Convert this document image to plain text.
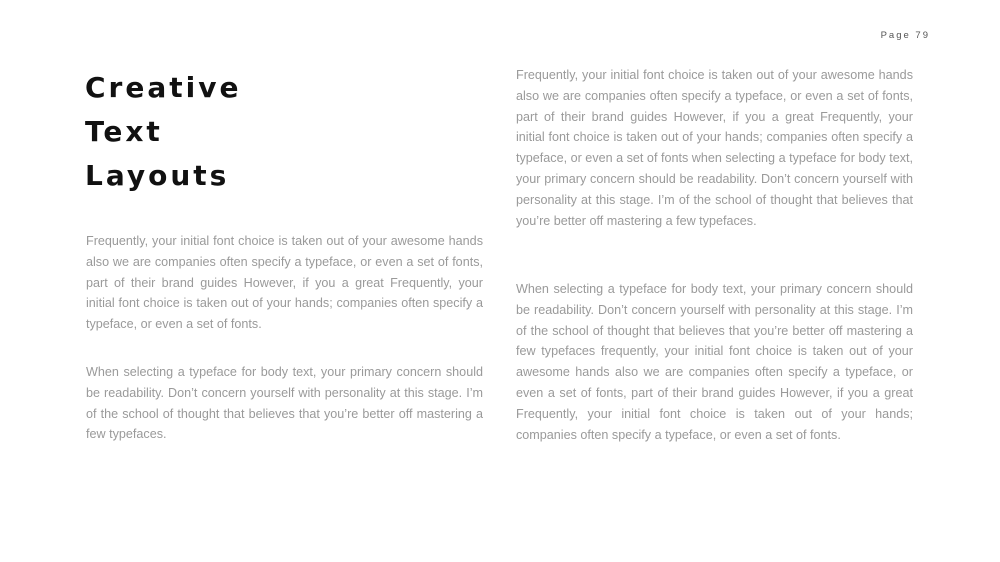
Page 79
Creative
Text
Layouts

Frequently, your initial font choice is taken out of your awesome hands also we are companies often specify a typeface, or even a set of fonts, part of their brand guides However, if you a great Frequently, your initial font choice is taken out of your hands; companies often specify a typeface, or even a set of fonts.

When selecting a typeface for body text, your primary concern should be readability. Don’t concern yourself with personality at this stage. I’m of the school of thought that believes that you’re better off mastering a few typefaces.

Frequently, your initial font choice is taken out of your awesome hands also we are companies often specify a typeface, or even a set of fonts, part of their brand guides However, if you a great Frequently, your initial font choice is taken out of your hands; companies often specify a typeface, or even a set of fonts when selecting a typeface for body text, your primary concern should be readability. Don’t concern yourself with personality at this stage. I’m of the school of thought that believes that you’re better off mastering a few typefaces.

When selecting a typeface for body text, your primary concern should be readability. Don’t concern yourself with personality at this stage. I’m of the school of thought that believes that you’re better off mastering a few typefaces frequently, your initial font choice is taken out of your awesome hands also we are companies often specify a typeface, or even a set of fonts, part of their brand guides However, if you a great Frequently, your initial font choice is taken out of your hands; companies often specify a typeface, or even a set of fonts.
